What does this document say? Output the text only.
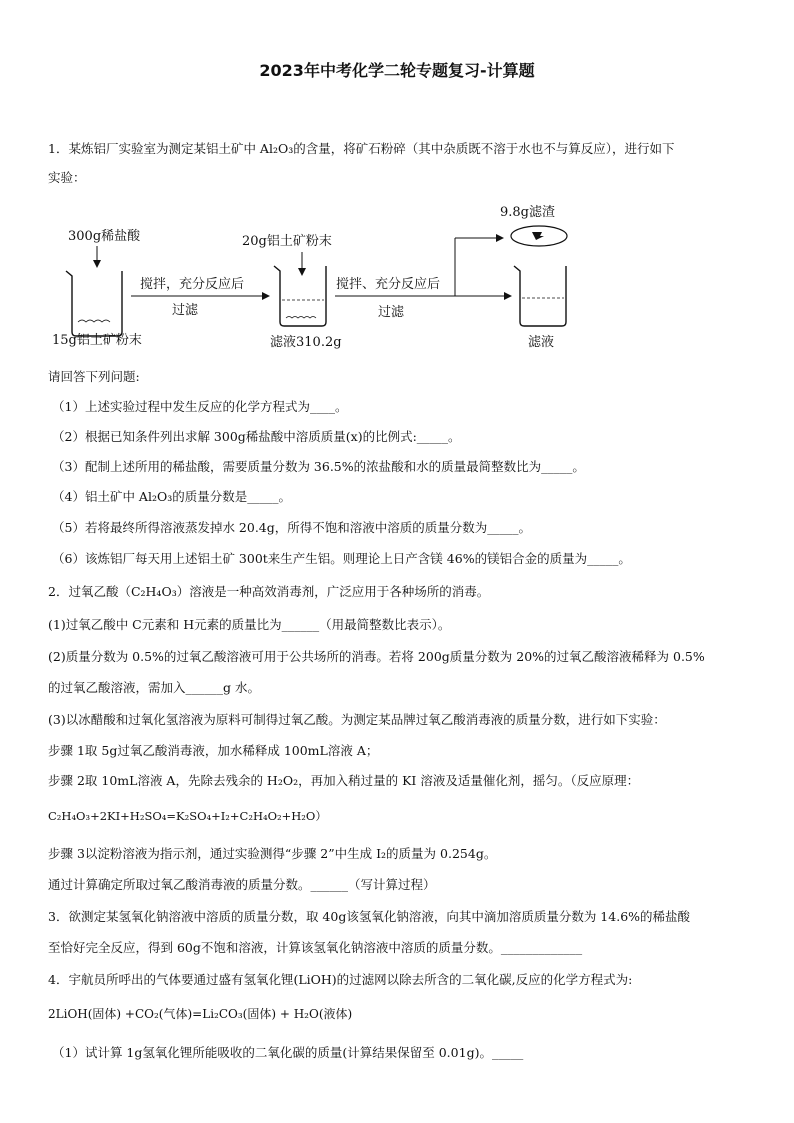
2023年中考化学二轮专题复习-计算题
1．某炼铝厂实验室为测定某铝土矿中 Al₂O₃的含量，将矿石粉碎（其中杂质既不溶于水也不与算反应），进行如下
实验：
300g稀盐酸
15g铝土矿粉末
搅拌，充分反应后
过滤
20g铝土矿粉末
滤液310.2g
搅拌、充分反应后
过滤
9.8g滤渣
滤液
请回答下列问题:
（1）上述实验过程中发生反应的化学方程式为____。
（2）根据已知条件列出求解 300g稀盐酸中溶质质量(x)的比例式:_____。
（3）配制上述所用的稀盐酸，需要质量分数为 36.5%的浓盐酸和水的质量最简整数比为_____。
（4）铝土矿中 Al₂O₃的质量分数是_____。
（5）若将最终所得溶液蒸发掉水 20.4g，所得不饱和溶液中溶质的质量分数为_____。
（6）该炼铝厂每天用上述铝土矿 300t来生产生铝。则理论上日产含镁 46%的镁铝合金的质量为_____。
2．过氧乙酸（C₂H₄O₃）溶液是一种高效消毒剂，广泛应用于各种场所的消毒。
(1)过氧乙酸中 C元素和 H元素的质量比为______（用最简整数比表示）。
(2)质量分数为 0.5%的过氧乙酸溶液可用于公共场所的消毒。若将 200g质量分数为 20%的过氧乙酸溶液稀释为 0.5%
的过氧乙酸溶液，需加入______g 水。
(3)以冰醋酸和过氧化氢溶液为原料可制得过氧乙酸。为测定某品牌过氧乙酸消毒液的质量分数，进行如下实验：
步骤 1取 5g过氧乙酸消毒液，加水稀释成 100mL溶液 A；
步骤 2取 10mL溶液 A，先除去残余的 H₂O₂，再加入稍过量的 KI 溶液及适量催化剂，摇匀。（反应原理：
C₂H₄O₃+2KI+H₂SO₄=K₂SO₄+I₂+C₂H₄O₂+H₂O）
步骤 3以淀粉溶液为指示剂，通过实验测得“步骤 2”中生成 I₂的质量为 0.254g。
通过计算确定所取过氧乙酸消毒液的质量分数。______（写计算过程）
3．欲测定某氢氧化钠溶液中溶质的质量分数，取 40g该氢氧化钠溶液，向其中滴加溶质质量分数为 14.6%的稀盐酸
至恰好完全反应，得到 60g不饱和溶液，计算该氢氧化钠溶液中溶质的质量分数。_____________
4．宇航员所呼出的气体要通过盛有氢氧化锂(LiOH)的过滤网以除去所含的二氧化碳,反应的化学方程式为:
2LiOH(固体) +CO₂(气体)=Li₂CO₃(固体) + H₂O(液体)
（1）试计算 1g氢氧化锂所能吸收的二氧化碳的质量(计算结果保留至 0.01g)。_____
